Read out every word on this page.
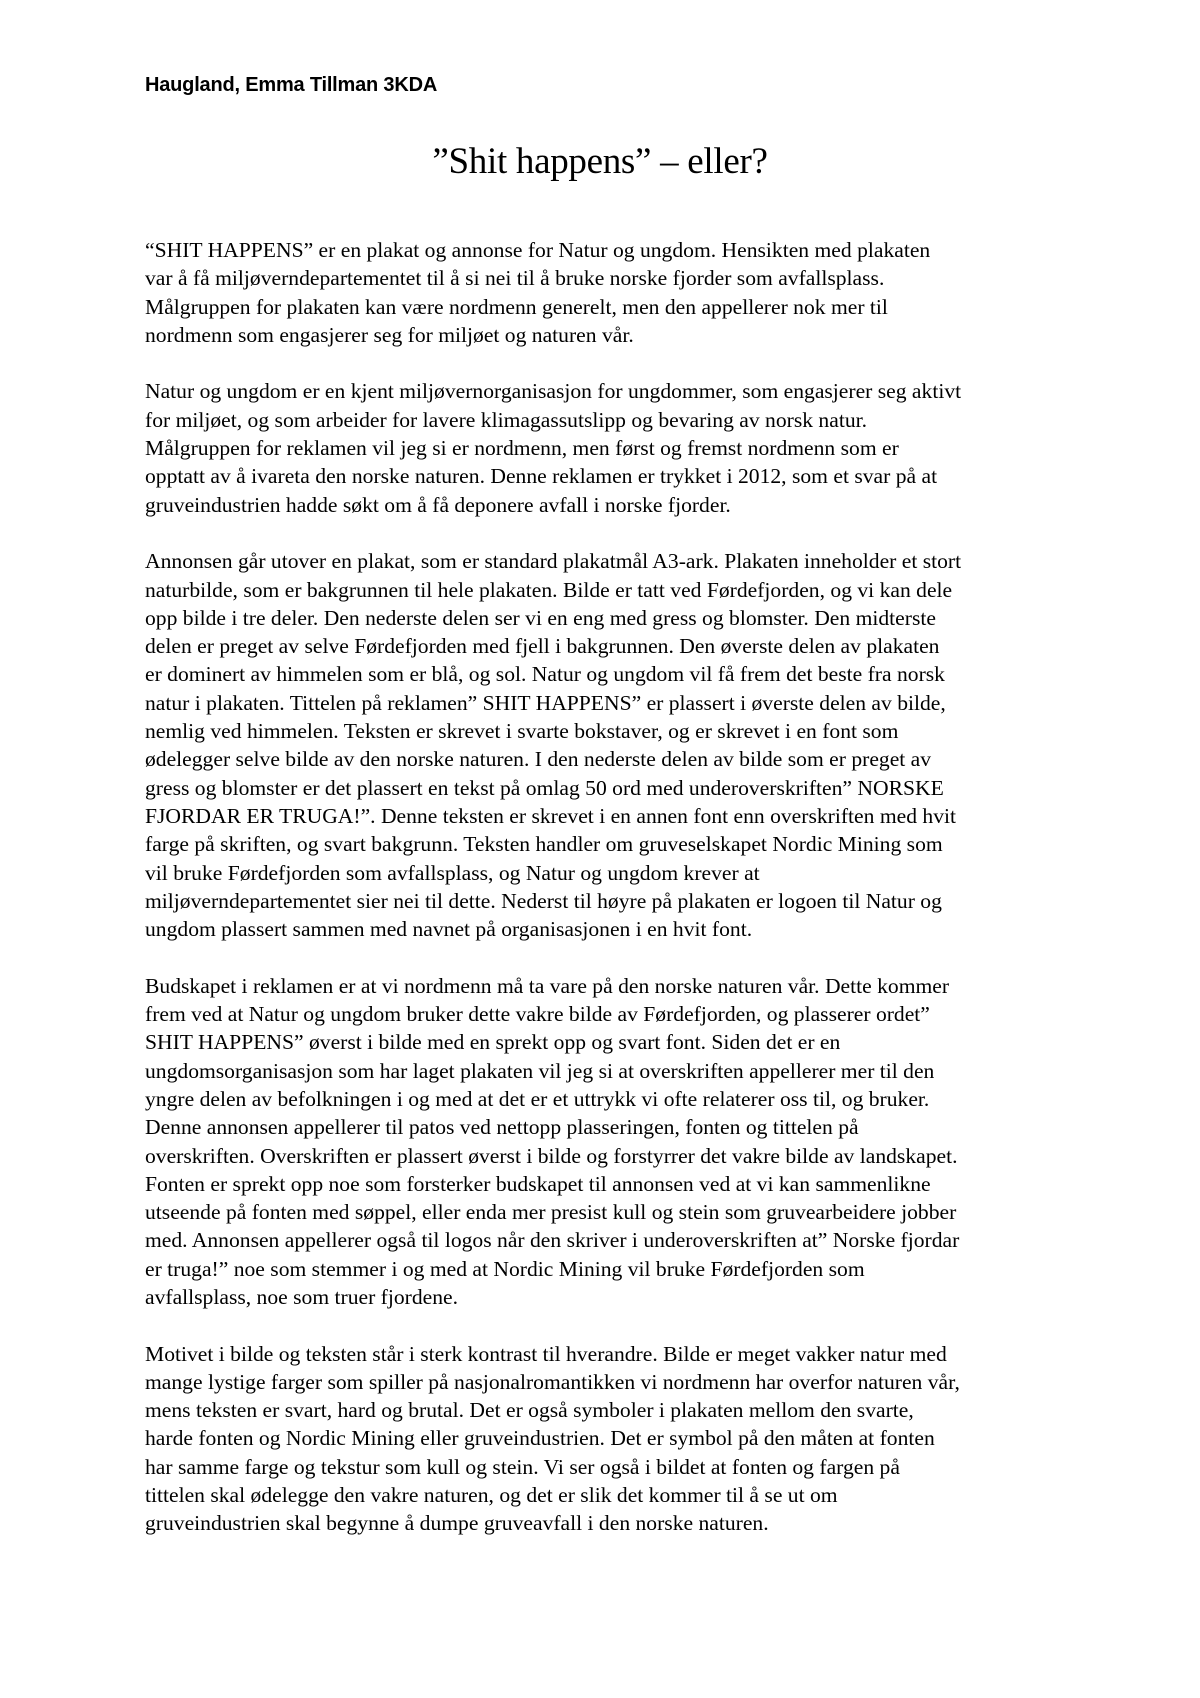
Haugland, Emma Tillman 3KDA
”Shit happens” – eller?
“SHIT HAPPENS” er en plakat og annonse for Natur og ungdom. Hensikten med plakaten
var å få miljøverndepartementet til å si nei til å bruke norske fjorder som avfallsplass.
Målgruppen for plakaten kan være nordmenn generelt, men den appellerer nok mer til
nordmenn som engasjerer seg for miljøet og naturen vår.
Natur og ungdom er en kjent miljøvernorganisasjon for ungdommer, som engasjerer seg aktivt
for miljøet, og som arbeider for lavere klimagassutslipp og bevaring av norsk natur.
Målgruppen for reklamen vil jeg si er nordmenn, men først og fremst nordmenn som er
opptatt av å ivareta den norske naturen. Denne reklamen er trykket i 2012, som et svar på at
gruveindustrien hadde søkt om å få deponere avfall i norske fjorder.
Annonsen går utover en plakat, som er standard plakatmål A3-ark. Plakaten inneholder et stort
naturbilde, som er bakgrunnen til hele plakaten. Bilde er tatt ved Førdefjorden, og vi kan dele
opp bilde i tre deler. Den nederste delen ser vi en eng med gress og blomster. Den midterste
delen er preget av selve Førdefjorden med fjell i bakgrunnen. Den øverste delen av plakaten
er dominert av himmelen som er blå, og sol. Natur og ungdom vil få frem det beste fra norsk
natur i plakaten. Tittelen på reklamen” SHIT HAPPENS” er plassert i øverste delen av bilde,
nemlig ved himmelen. Teksten er skrevet i svarte bokstaver, og er skrevet i en font som
ødelegger selve bilde av den norske naturen. I den nederste delen av bilde som er preget av
gress og blomster er det plassert en tekst på omlag 50 ord med underoverskriften” NORSKE
FJORDAR ER TRUGA!”. Denne teksten er skrevet i en annen font enn overskriften med hvit
farge på skriften, og svart bakgrunn. Teksten handler om gruveselskapet Nordic Mining som
vil bruke Førdefjorden som avfallsplass, og Natur og ungdom krever at
miljøverndepartementet sier nei til dette. Nederst til høyre på plakaten er logoen til Natur og
ungdom plassert sammen med navnet på organisasjonen i en hvit font.
Budskapet i reklamen er at vi nordmenn må ta vare på den norske naturen vår. Dette kommer
frem ved at Natur og ungdom bruker dette vakre bilde av Førdefjorden, og plasserer ordet”
SHIT HAPPENS” øverst i bilde med en sprekt opp og svart font. Siden det er en
ungdomsorganisasjon som har laget plakaten vil jeg si at overskriften appellerer mer til den
yngre delen av befolkningen i og med at det er et uttrykk vi ofte relaterer oss til, og bruker.
Denne annonsen appellerer til patos ved nettopp plasseringen, fonten og tittelen på
overskriften. Overskriften er plassert øverst i bilde og forstyrrer det vakre bilde av landskapet.
Fonten er sprekt opp noe som forsterker budskapet til annonsen ved at vi kan sammenlikne
utseende på fonten med søppel, eller enda mer presist kull og stein som gruvearbeidere jobber
med. Annonsen appellerer også til logos når den skriver i underoverskriften at” Norske fjordar
er truga!” noe som stemmer i og med at Nordic Mining vil bruke Førdefjorden som
avfallsplass, noe som truer fjordene.
Motivet i bilde og teksten står i sterk kontrast til hverandre. Bilde er meget vakker natur med
mange lystige farger som spiller på nasjonalromantikken vi nordmenn har overfor naturen vår,
mens teksten er svart, hard og brutal. Det er også symboler i plakaten mellom den svarte,
harde fonten og Nordic Mining eller gruveindustrien. Det er symbol på den måten at fonten
har samme farge og tekstur som kull og stein. Vi ser også i bildet at fonten og fargen på
tittelen skal ødelegge den vakre naturen, og det er slik det kommer til å se ut om
gruveindustrien skal begynne å dumpe gruveavfall i den norske naturen.
